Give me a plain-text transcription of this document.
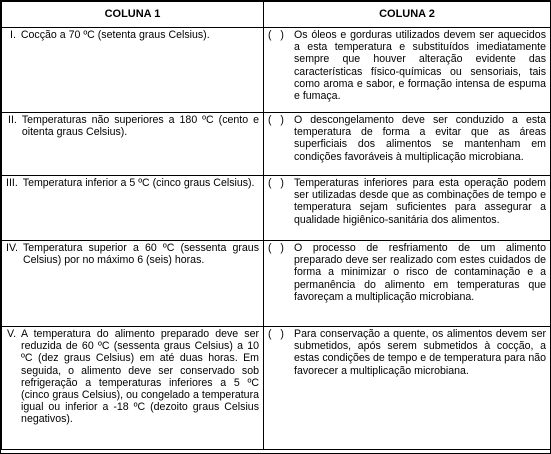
COLUNA 1	COLUNA 2

I. Cocção a 70 ºC (setenta graus Celsius).	(   ) Os óleos e gorduras utilizados devem ser aquecidos a esta temperatura e substituídos imediatamente sempre que houver alteração evidente das características físico-químicas ou sensoriais, tais como aroma e sabor, e formação intensa de espuma e fumaça.

II. Temperaturas não superiores a 180 ºC (cento e oitenta graus Celsius).	(   ) O descongelamento deve ser conduzido a esta temperatura de forma a evitar que as áreas superficiais dos alimentos se mantenham em condições favoráveis à multiplicação microbiana.

III. Temperatura inferior a 5 ºC (cinco graus Celsius).	(   ) Temperaturas inferiores para esta operação podem ser utilizadas desde que as combinações de tempo e temperatura sejam suficientes para assegurar a qualidade higiênico-sanitária dos alimentos.

IV. Temperatura superior a 60 ºC (sessenta graus Celsius) por no máximo 6 (seis) horas.	(   ) O processo de resfriamento de um alimento preparado deve ser realizado com estes cuidados de forma a minimizar o risco de contaminação e a permanência do alimento em temperaturas que favoreçam a multiplicação microbiana.

V. A temperatura do alimento preparado deve ser reduzida de 60 ºC (sessenta graus Celsius) a 10 ºC (dez graus Celsius) em até duas horas. Em seguida, o alimento deve ser conservado sob refrigeração a temperaturas inferiores a 5 ºC (cinco graus Celsius), ou congelado a temperatura igual ou inferior a -18 ºC (dezoito graus Celsius negativos).	(   ) Para conservação a quente, os alimentos devem ser submetidos, após serem submetidos à cocção, a estas condições de tempo e de temperatura para não favorecer a multiplicação microbiana.
